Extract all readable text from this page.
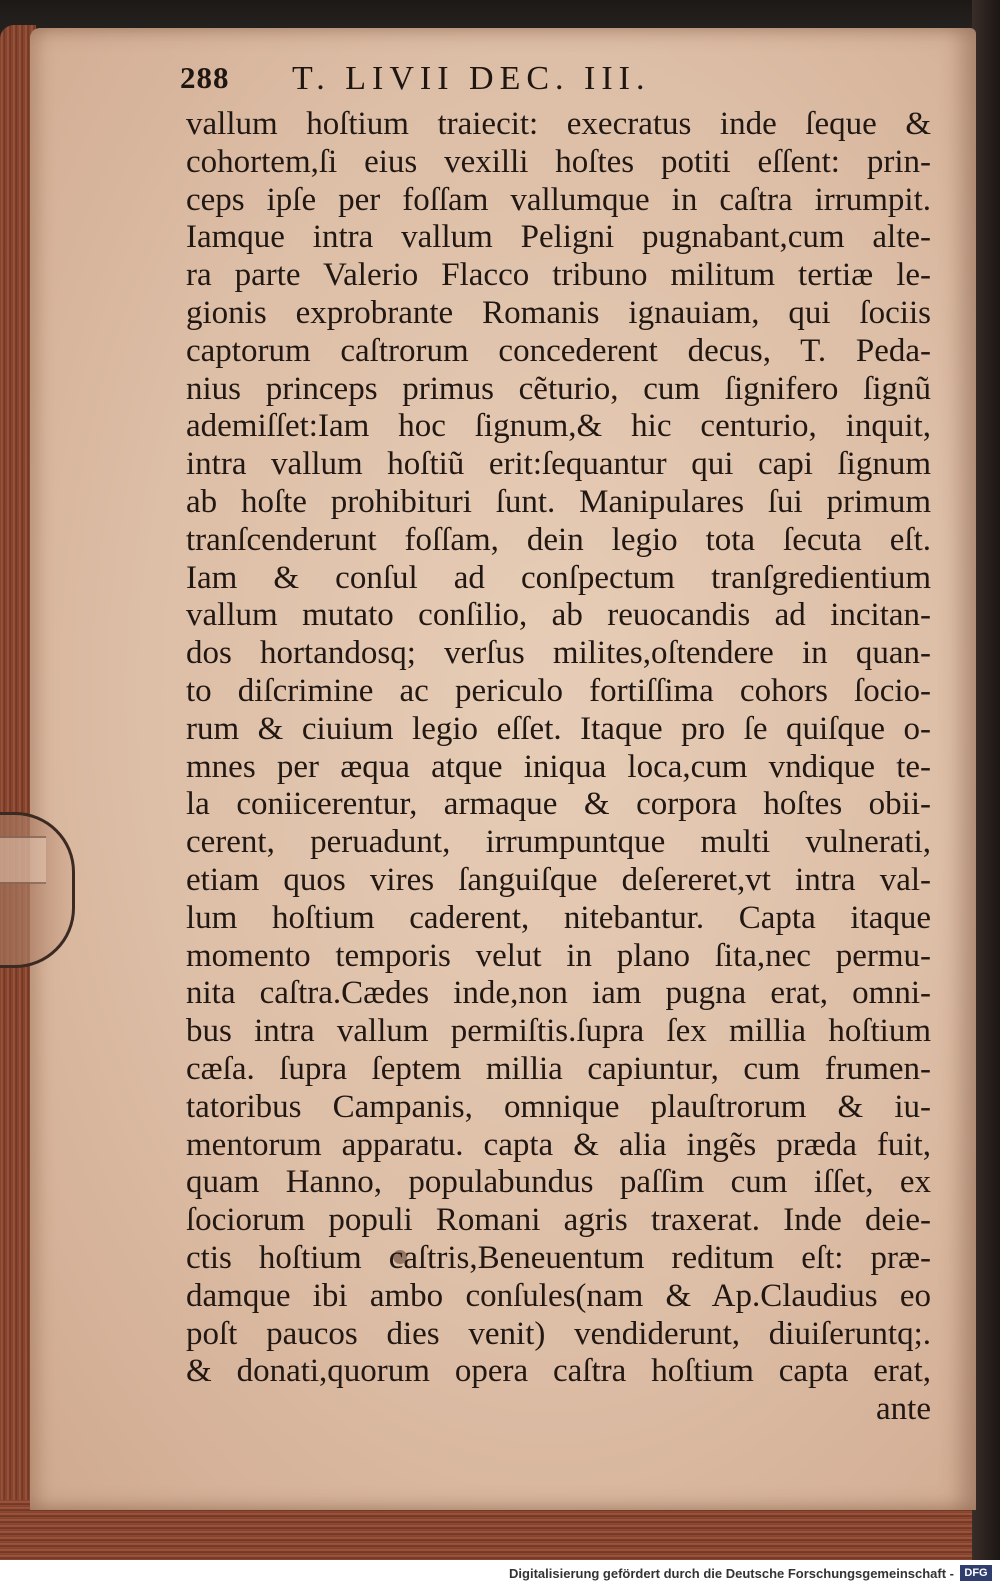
288 T. LIVII DEC. III.
vallum hoſtium traiecit: execratus inde ſeque &
cohortem,ſi eius vexilli hoſtes potiti eſſent: prin-
ceps ipſe per foſſam vallumque in caſtra irrumpit.
Iamque intra vallum Peligni pugnabant,cum alte-
ra parte Valerio Flacco tribuno militum tertiæ le-
gionis exprobrante Romanis ignauiam, qui ſociis
captorum caſtrorum concederent decus, T. Peda-
nius princeps primus cẽturio, cum ſignifero ſignũ
ademiſſet:Iam hoc ſignum,& hic centurio, inquit,
intra vallum hoſtiũ erit:ſequantur qui capi ſignum
ab hoſte prohibituri ſunt. Manipulares ſui primum
tranſcenderunt foſſam, dein legio tota ſecuta eſt.
Iam & conſul ad conſpectum tranſgredientium
vallum mutato conſilio, ab reuocandis ad incitan-
dos hortandosq; verſus milites,oſtendere in quan-
to diſcrimine ac periculo fortiſſima cohors ſocio-
rum & ciuium legio eſſet. Itaque pro ſe quiſque o-
mnes per æqua atque iniqua loca,cum vndique te-
la coniicerentur, armaque & corpora hoſtes obii-
cerent, peruadunt, irrumpuntque multi vulnerati,
etiam quos vires ſanguiſque deſereret,vt intra val-
lum hoſtium caderent, nitebantur. Capta itaque
momento temporis velut in plano ſita,nec permu-
nita caſtra.Cædes inde,non iam pugna erat, omni-
bus intra vallum permiſtis.ſupra ſex millia hoſtium
cæſa. ſupra ſeptem millia capiuntur, cum frumen-
tatoribus Campanis, omnique plauſtrorum & iu-
mentorum apparatu. capta & alia ingẽs præda fuit,
quam Hanno, populabundus paſſim cum iſſet, ex
ſociorum populi Romani agris traxerat. Inde deie-
ctis hoſtium caſtris,Beneuentum reditum eſt: præ-
damque ibi ambo conſules(nam & Ap.Claudius eo
poſt paucos dies venit) vendiderunt, diuiſeruntq;.
& donati,quorum opera caſtra hoſtium capta erat,
ante
Digitalisierung gefördert durch die Deutsche Forschungsgemeinschaft - DFG
